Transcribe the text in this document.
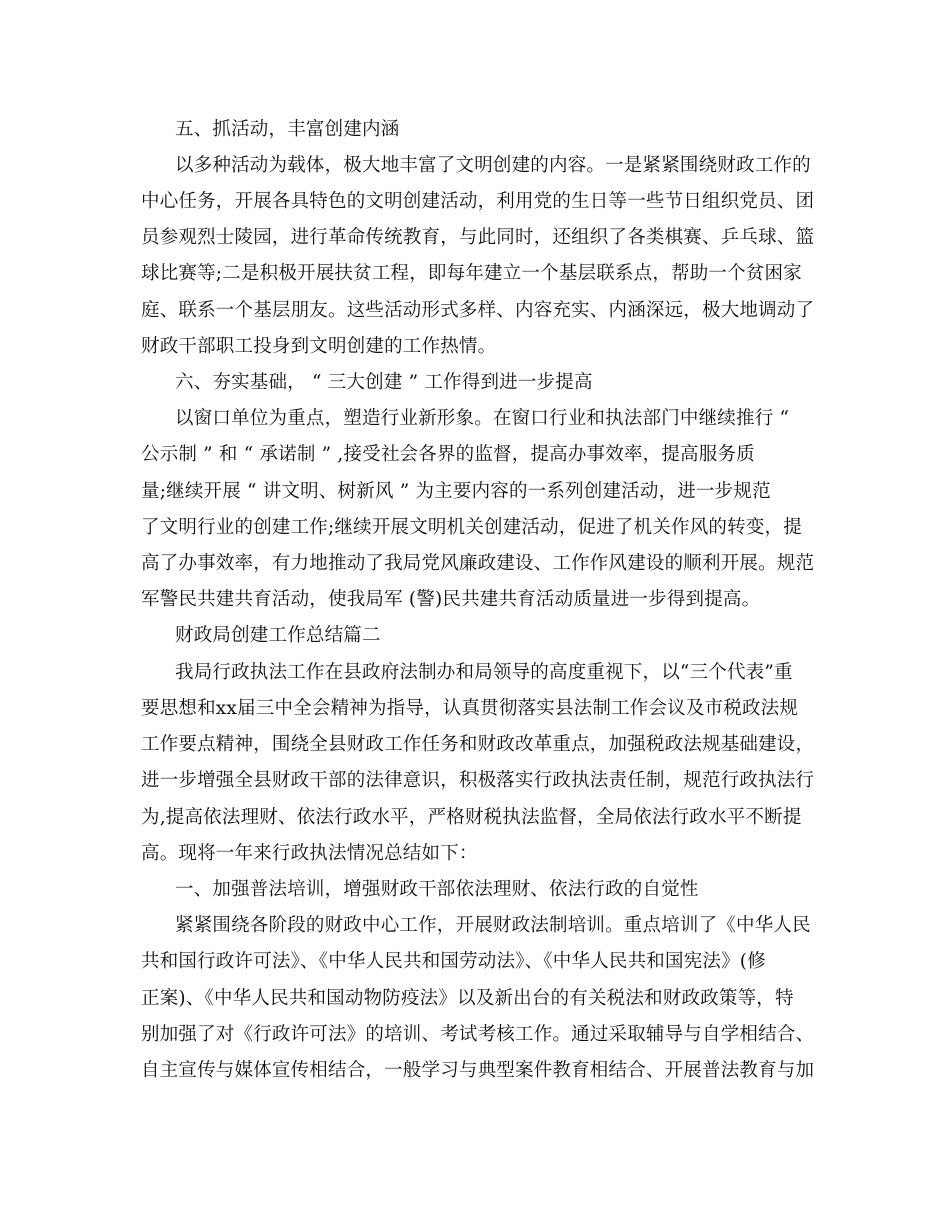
五、抓活动，丰富创建内涵
以多种活动为载体，极大地丰富了文明创建的内容。一是紧紧围绕财政工作的
中心任务，开展各具特色的文明创建活动，利用党的生日等一些节日组织党员、团
员参观烈士陵园，进行革命传统教育，与此同时，还组织了各类棋赛、乒乓球、篮
球比赛等;二是积极开展扶贫工程，即每年建立一个基层联系点，帮助一个贫困家
庭、联系一个基层朋友。这些活动形式多样、内容充实、内涵深远，极大地调动了
财政干部职工投身到文明创建的工作热情。
六、夯实基础， “ 三大创建 ” 工作得到进一步提高
以窗口单位为重点，塑造行业新形象。在窗口行业和执法部门中继续推行 “
公示制 ” 和 “ 承诺制 ” ,接受社会各界的监督，提高办事效率，提高服务质
量;继续开展 “ 讲文明、树新风 ” 为主要内容的一系列创建活动，进一步规范
了文明行业的创建工作;继续开展文明机关创建活动，促进了机关作风的转变，提
高了办事效率，有力地推动了我局党风廉政建设、工作作风建设的顺利开展。规范
军警民共建共育活动，使我局军 (警)民共建共育活动质量进一步得到提高。
财政局创建工作总结篇二
我局行政执法工作在县政府法制办和局领导的高度重视下，以“三个代表”重
要思想和xx届三中全会精神为指导，认真贯彻落实县法制工作会议及市税政法规
工作要点精神，围绕全县财政工作任务和财政改革重点，加强税政法规基础建设，
进一步增强全县财政干部的法律意识，积极落实行政执法责任制，规范行政执法行
为,提高依法理财、依法行政水平，严格财税执法监督，全局依法行政水平不断提
高。现将一年来行政执法情况总结如下：
一、加强普法培训，增强财政干部依法理财、依法行政的自觉性
紧紧围绕各阶段的财政中心工作，开展财政法制培训。重点培训了《中华人民
共和国行政许可法》、《中华人民共和国劳动法》、《中华人民共和国宪法》(修
正案)、《中华人民共和国动物防疫法》以及新出台的有关税法和财政政策等，特
别加强了对《行政许可法》的培训、考试考核工作。通过采取辅导与自学相结合、
自主宣传与媒体宣传相结合，一般学习与典型案件教育相结合、开展普法教育与加
